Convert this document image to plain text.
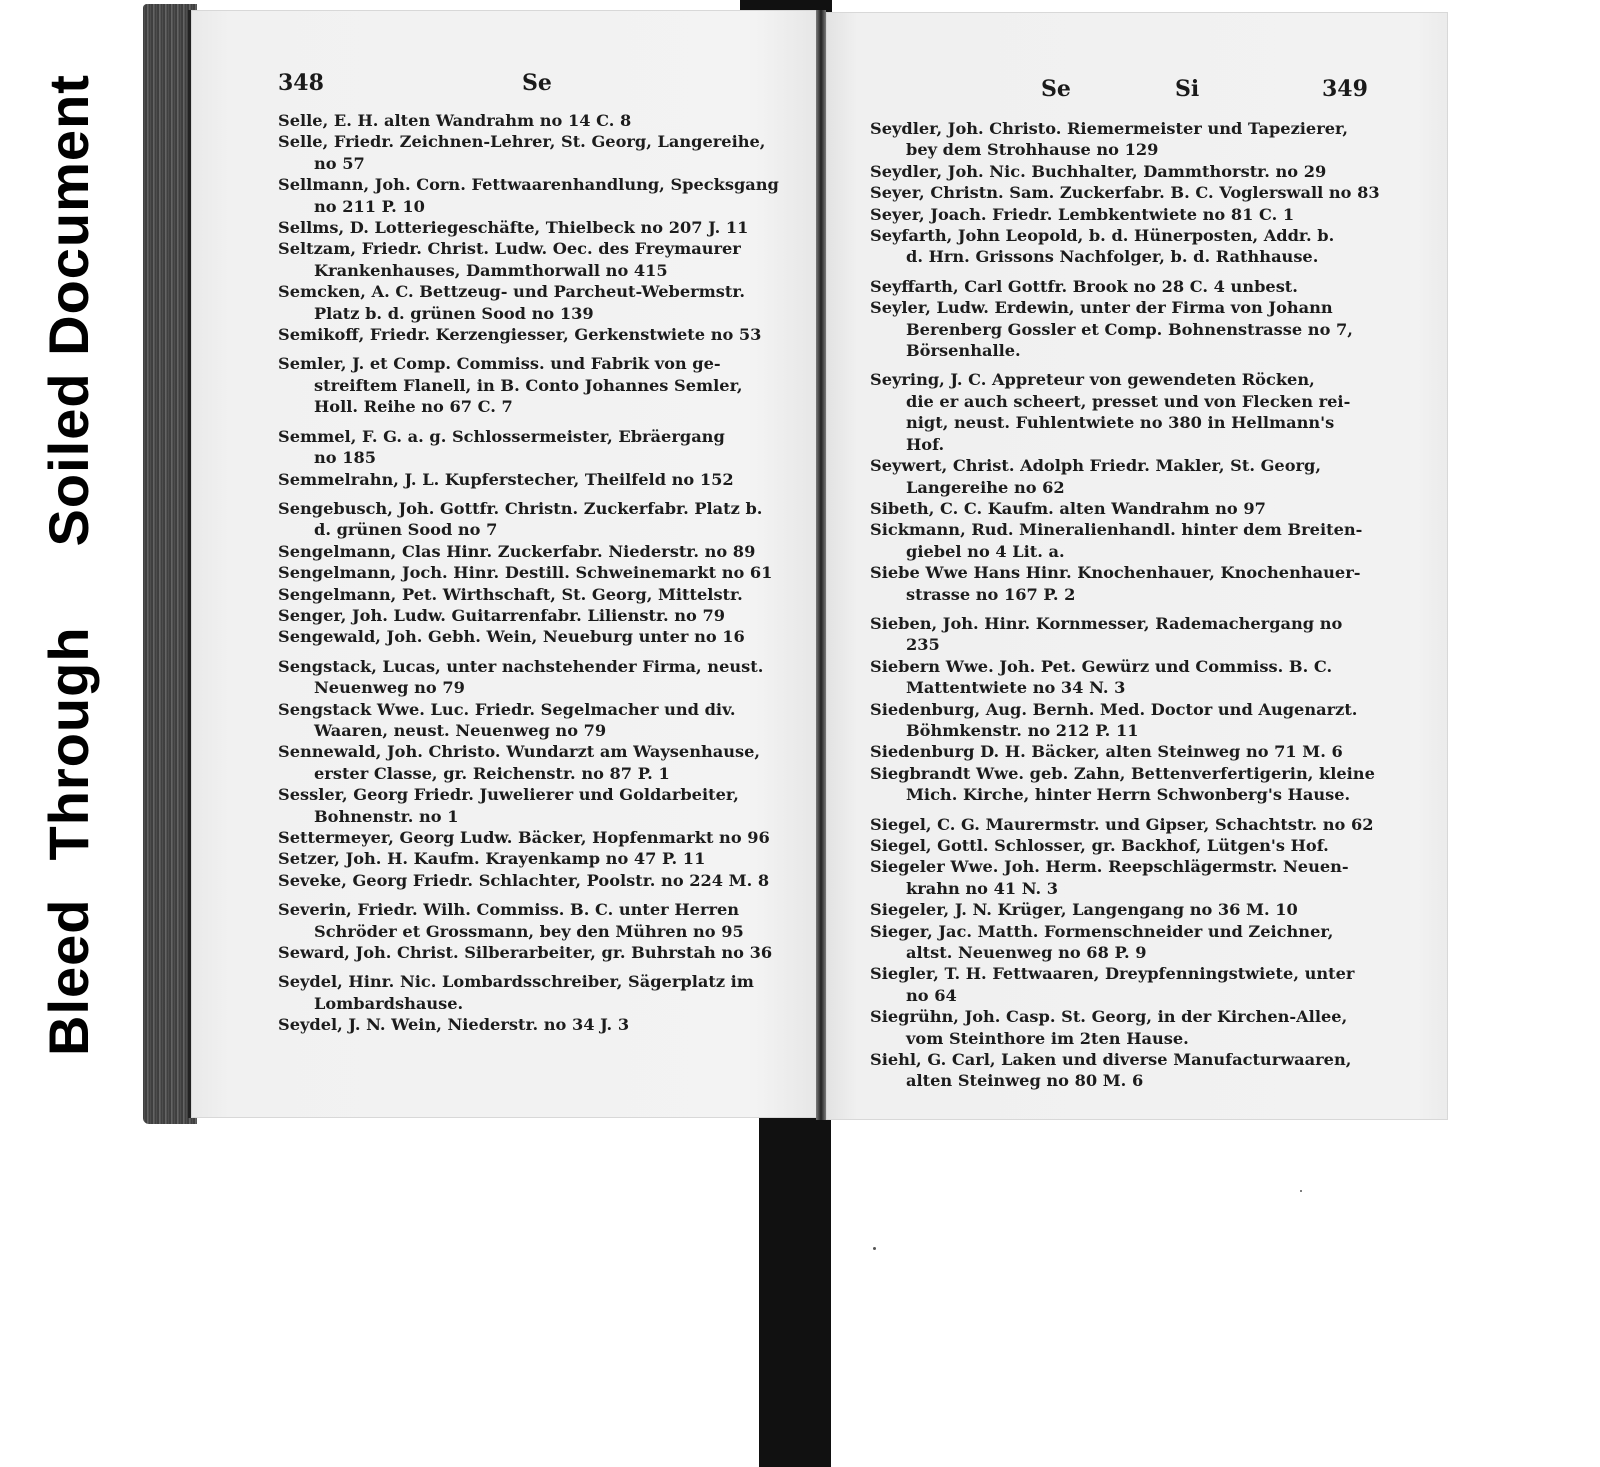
BleedThroughSoiled Document	348	Se	Se	Si	349

Selle, E. H. alten Wandrahm no 14 C. 8

Selle, Friedr. Zeichnen-Lehrer, St. Georg, Langereihe,
no 57

Sellmann, Joh. Corn. Fettwaarenhandlung, Specksgang
no 211 P. 10

Sellms, D. Lotteriegeschäfte, Thielbeck no 207 J. 11

Seltzam, Friedr. Christ. Ludw. Oec. des Freymaurer
Krankenhauses, Dammthorwall no 415

Semcken, A. C. Bettzeug- und Parcheut-Webermstr.
Platz b. d. grünen Sood no 139

Semikoff, Friedr. Kerzengiesser, Gerkenstwiete no 53

Semler, J. et Comp. Commiss. und Fabrik von ge-
streiftem Flanell, in B. Conto Johannes Semler,
Holl. Reihe no 67 C. 7

Semmel, F. G. a. g. Schlossermeister, Ebräergang
no 185

Semmelrahn, J. L. Kupferstecher, Theilfeld no 152

Sengebusch, Joh. Gottfr. Christn. Zuckerfabr. Platz b.
d. grünen Sood no 7

Sengelmann, Clas Hinr. Zuckerfabr. Niederstr. no 89

Sengelmann, Joch. Hinr. Destill. Schweinemarkt no 61

Sengelmann, Pet. Wirthschaft, St. Georg, Mittelstr.

Senger, Joh. Ludw. Guitarrenfabr. Lilienstr. no 79

Sengewald, Joh. Gebh. Wein, Neueburg unter no 16

Sengstack, Lucas, unter nachstehender Firma, neust.
Neuenweg no 79

Sengstack Wwe. Luc. Friedr. Segelmacher und div.
Waaren, neust. Neuenweg no 79

Sennewald, Joh. Christo. Wundarzt am Waysenhause,
erster Classe, gr. Reichenstr. no 87 P. 1

Sessler, Georg Friedr. Juwelierer und Goldarbeiter,
Bohnenstr. no 1

Settermeyer, Georg Ludw. Bäcker, Hopfenmarkt no 96

Setzer, Joh. H. Kaufm. Krayenkamp no 47 P. 11

Seveke, Georg Friedr. Schlachter, Poolstr. no 224 M. 8

Severin, Friedr. Wilh. Commiss. B. C. unter Herren
Schröder et Grossmann, bey den Mühren no 95

Seward, Joh. Christ. Silberarbeiter, gr. Buhrstah no 36

Seydel, Hinr. Nic. Lombardsschreiber, Sägerplatz im
Lombardshause.

Seydel, J. N. Wein, Niederstr. no 34 J. 3

Seydler, Joh. Christo. Riemermeister und Tapezierer,
bey dem Strohhause no 129

Seydler, Joh. Nic. Buchhalter, Dammthorstr. no 29

Seyer, Christn. Sam. Zuckerfabr. B. C. Voglerswall no 83

Seyer, Joach. Friedr. Lembkentwiete no 81 C. 1

Seyfarth, John Leopold, b. d. Hünerposten, Addr. b.
d. Hrn. Grissons Nachfolger, b. d. Rathhause.

Seyffarth, Carl Gottfr. Brook no 28 C. 4 unbest.

Seyler, Ludw. Erdewin, unter der Firma von Johann
Berenberg Gossler et Comp. Bohnenstrasse no 7,
Börsenhalle.

Seyring, J. C. Appreteur von gewendeten Röcken,
die er auch scheert, presset und von Flecken rei-
nigt, neust. Fuhlentwiete no 380 in Hellmann's
Hof.

Seywert, Christ. Adolph Friedr. Makler, St. Georg,
Langereihe no 62

Sibeth, C. C. Kaufm. alten Wandrahm no 97

Sickmann, Rud. Mineralienhandl. hinter dem Breiten-
giebel no 4 Lit. a.

Siebe Wwe Hans Hinr. Knochenhauer, Knochenhauer-
strasse no 167 P. 2

Sieben, Joh. Hinr. Kornmesser, Rademachergang no 235

Siebern Wwe. Joh. Pet. Gewürz und Commiss. B. C.
Mattentwiete no 34 N. 3

Siedenburg, Aug. Bernh. Med. Doctor und Augenarzt.
Böhmkenstr. no 212 P. 11

Siedenburg D. H. Bäcker, alten Steinweg no 71 M. 6

Siegbrandt Wwe. geb. Zahn, Bettenverfertigerin, kleine
Mich. Kirche, hinter Herrn Schwonberg's Hause.

Siegel, C. G. Maurermstr. und Gipser, Schachtstr. no 62

Siegel, Gottl. Schlosser, gr. Backhof, Lütgen's Hof.

Siegeler Wwe. Joh. Herm. Reepschlägermstr. Neuen-
krahn no 41 N. 3

Siegeler, J. N. Krüger, Langengang no 36 M. 10

Sieger, Jac. Matth. Formenschneider und Zeichner,
altst. Neuenweg no 68 P. 9

Siegler, T. H. Fettwaaren, Dreypfenningstwiete, unter
no 64

Siegrühn, Joh. Casp. St. Georg, in der Kirchen-Allee,
vom Steinthore im 2ten Hause.

Siehl, G. Carl, Laken und diverse Manufacturwaaren,
alten Steinweg no 80 M. 6
